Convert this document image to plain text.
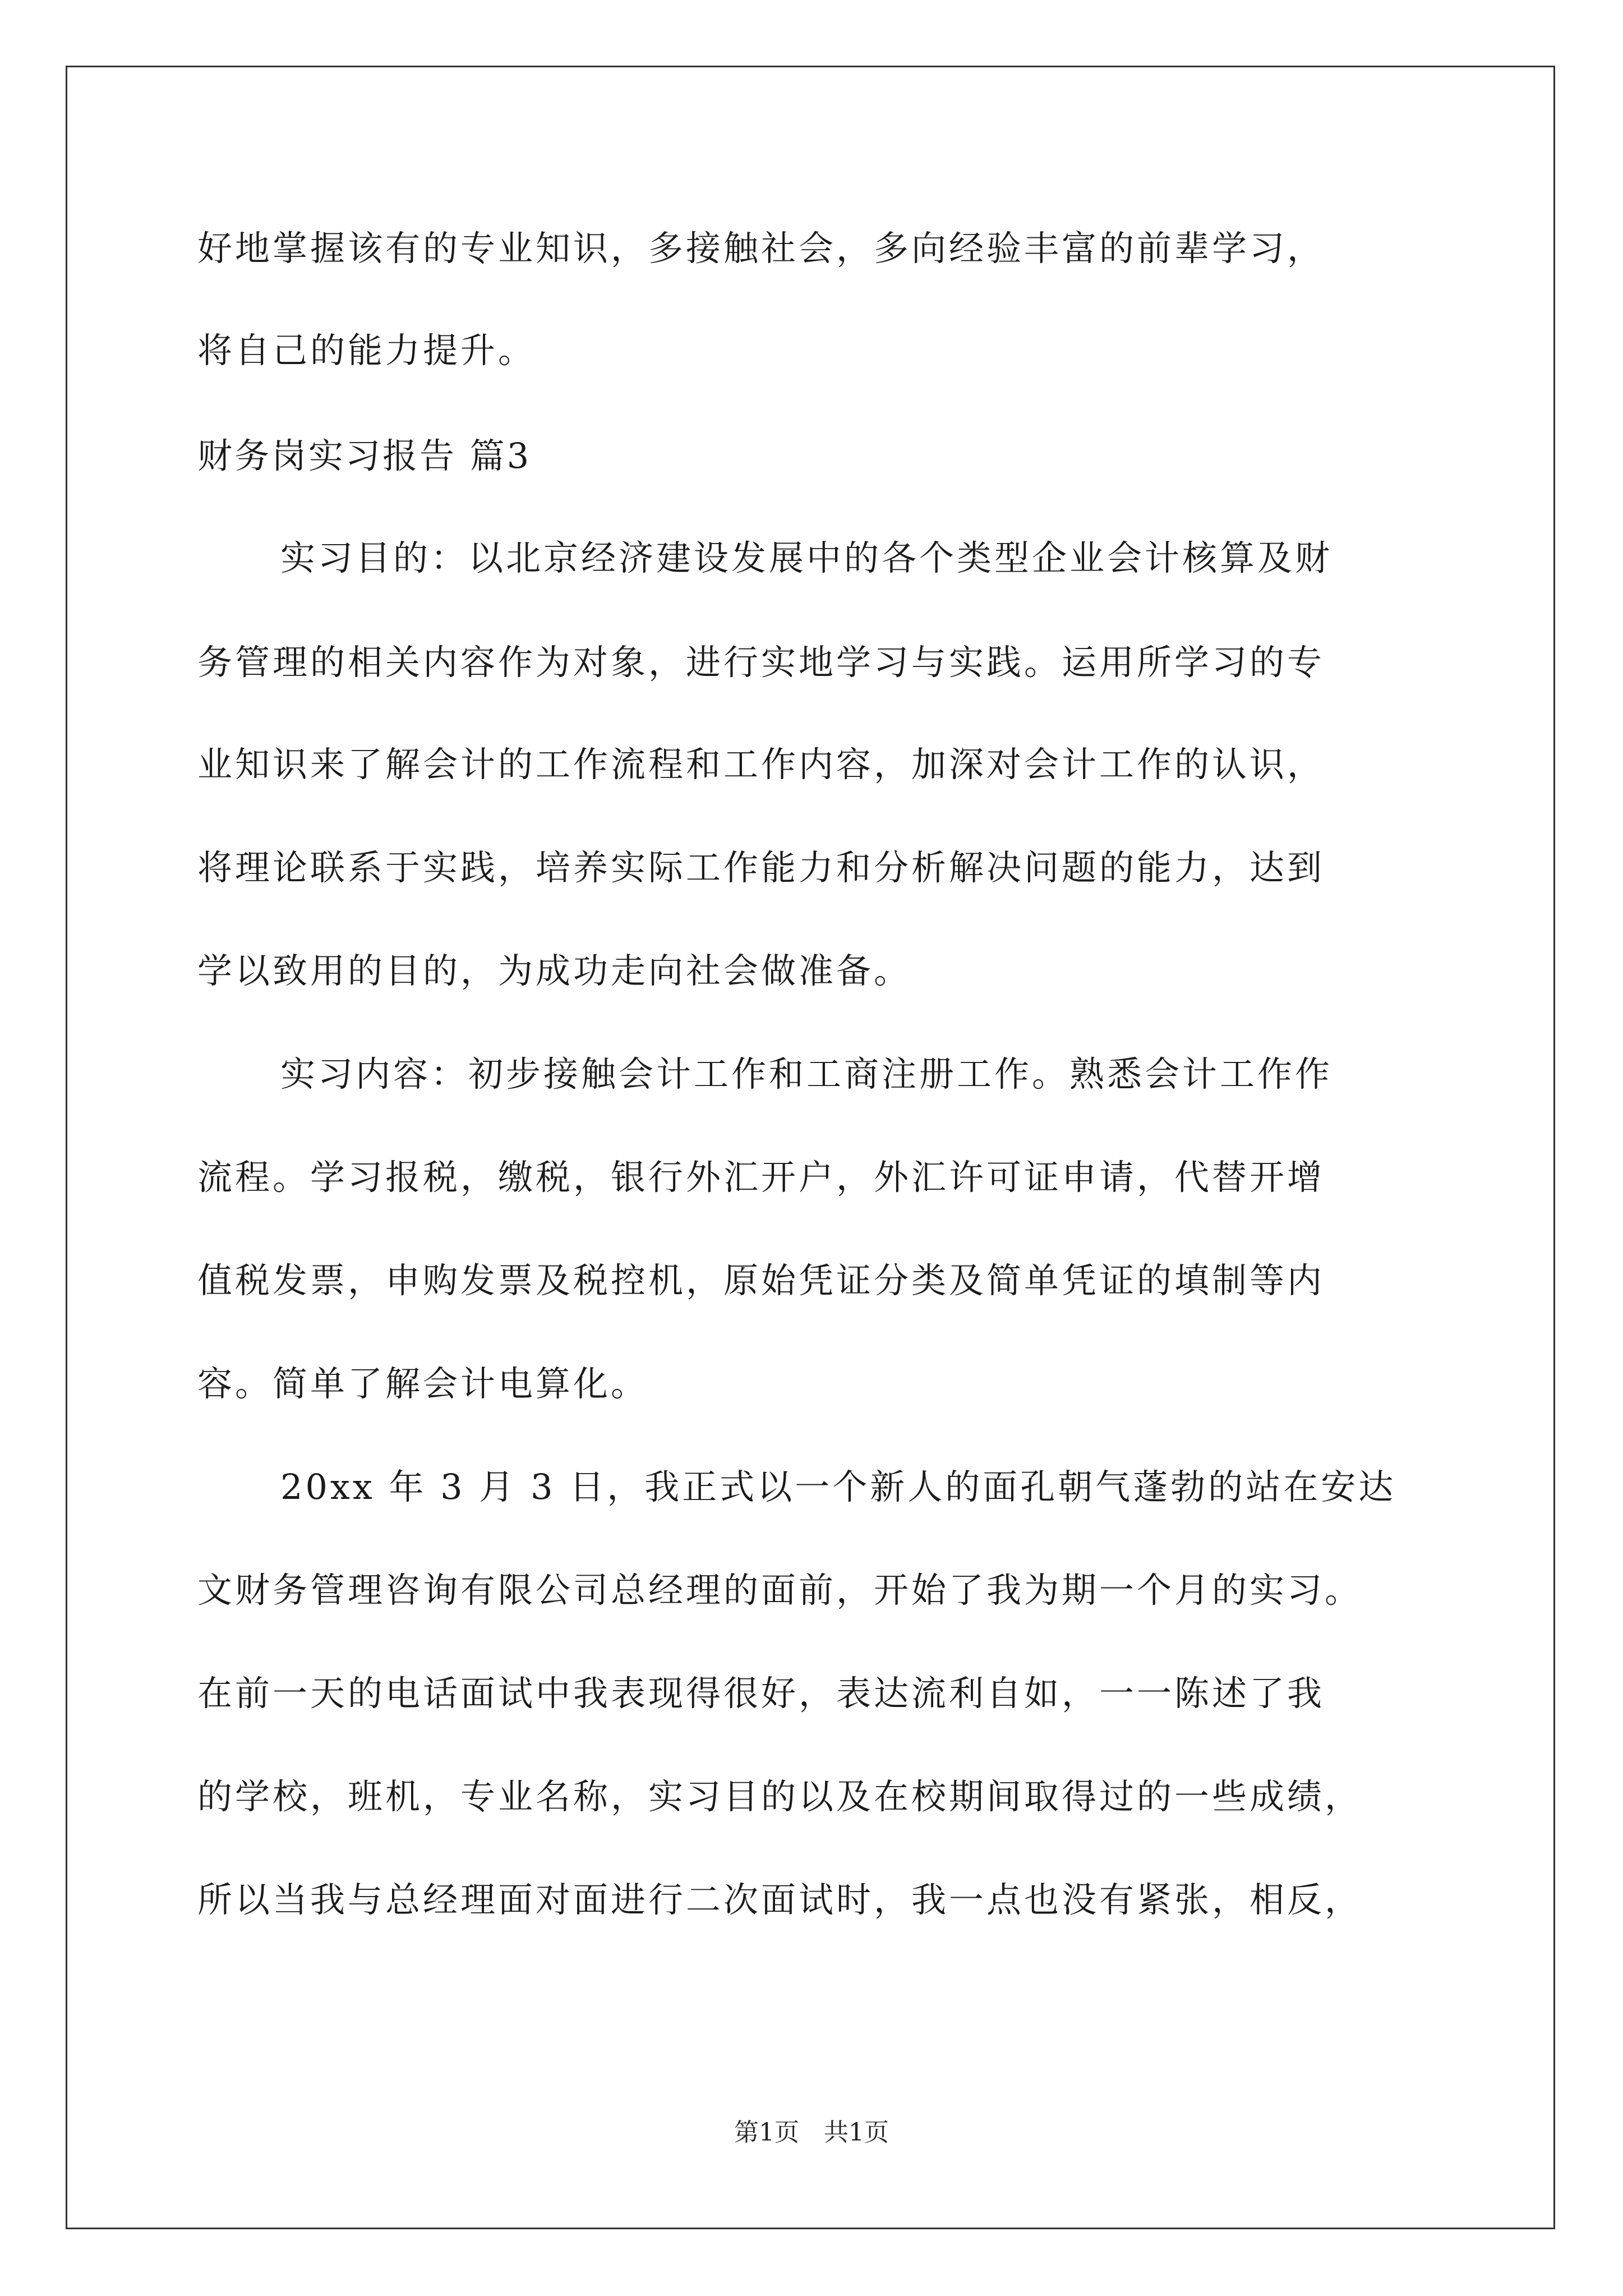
好地掌握该有的专业知识，多接触社会，多向经验丰富的前辈学习，
将自己的能力提升。
财务岗实习报告 篇3
实习目的：以北京经济建设发展中的各个类型企业会计核算及财
务管理的相关内容作为对象，进行实地学习与实践。运用所学习的专
业知识来了解会计的工作流程和工作内容，加深对会计工作的认识，
将理论联系于实践，培养实际工作能力和分析解决问题的能力，达到
学以致用的目的，为成功走向社会做准备。
实习内容：初步接触会计工作和工商注册工作。熟悉会计工作作
流程。学习报税，缴税，银行外汇开户，外汇许可证申请，代替开增
值税发票，申购发票及税控机，原始凭证分类及简单凭证的填制等内
容。简单了解会计电算化。
20xx 年 3 月 3 日，我正式以一个新人的面孔朝气蓬勃的站在安达
文财务管理咨询有限公司总经理的面前，开始了我为期一个月的实习。
在前一天的电话面试中我表现得很好，表达流利自如，一一陈述了我
的学校，班机，专业名称，实习目的以及在校期间取得过的一些成绩，
所以当我与总经理面对面进行二次面试时，我一点也没有紧张，相反，
第1页　共1页
